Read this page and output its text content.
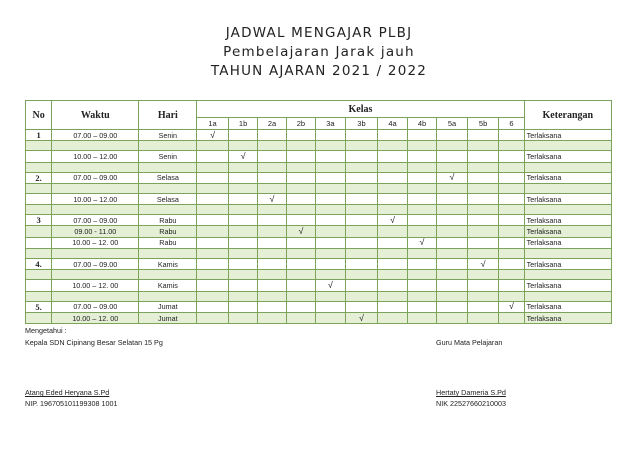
JADWAL MENGAJAR PLBJ
Pembelajaran Jarak jauh
TAHUN AJARAN 2021 / 2022
No	Waktu	Hari	Kelas											Keterangan
			1a	1b	2a	2b	3a	3b	4a	4b	5a	5b	6	
1	07.00 – 09.00	Senin	√											Terlaksana

	10.00 – 12.00	Senin		√										Terlaksana

2.	07.00 – 09.00	Selasa									√			Terlaksana

	10.00 – 12.00	Selasa			√									Terlaksana

3	07.00 – 09.00	Rabu							√					Terlaksana
	09.00 - 11.00	Rabu				√								Terlaksana
	10.00 – 12. 00	Rabu								√				Terlaksana

4.	07.00 – 09.00	Kamis										√		Terlaksana

	10.00 – 12. 00	Kamis					√							Terlaksana

5.	07.00 – 09.00	Jumat											√	Terlaksana
	10.00 – 12. 00	Jumat						√						Terlaksana
Mengetahui :
Kepala SDN Cipinang Besar Selatan 15 Pg	Guru Mata Pelajaran
Atang Eded Heryana S.Pd
NIP. 196705101199308 1001
Hertaty Dameria S.Pd
NIK 22527660210003
